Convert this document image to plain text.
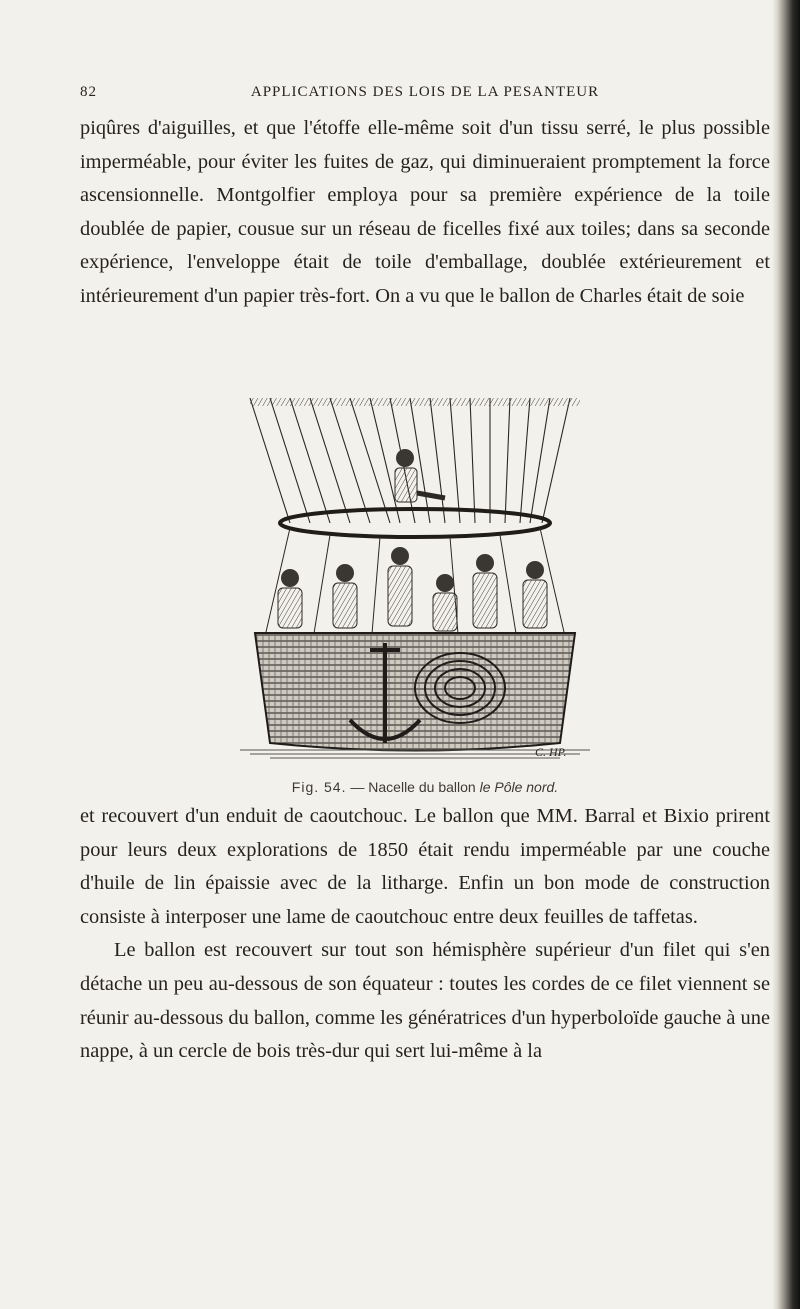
82	APPLICATIONS DES LOIS DE LA PESANTEUR

piqûres d'aiguilles, et que l'étoffe elle-même soit d'un tissu serré, le plus possible imperméable, pour éviter les fuites de gaz, qui diminueraient promptement la force ascensionnelle. Montgolfier employa pour sa première expérience de la toile doublée de papier, cousue sur un réseau de ficelles fixé aux toiles; dans sa seconde expérience, l'enveloppe était de toile d'emballage, doublée extérieurement et intérieurement d'un papier très-fort. On a vu que le ballon de Charles était de soie

C. HP.
Fig. 54. — Nacelle du ballon le Pôle nord.

et recouvert d'un enduit de caoutchouc. Le ballon que MM. Barral et Bixio prirent pour leurs deux explorations de 1850 était rendu imperméable par une couche d'huile de lin épaissie avec de la litharge. Enfin un bon mode de construction consiste à interposer une lame de caoutchouc entre deux feuilles de taffetas.

Le ballon est recouvert sur tout son hémisphère supérieur d'un filet qui s'en détache un peu au-dessous de son équateur : toutes les cordes de ce filet viennent se réunir au-dessous du ballon, comme les génératrices d'un hyperboloïde gauche à une nappe, à un cercle de bois très-dur qui sert lui-même à la
